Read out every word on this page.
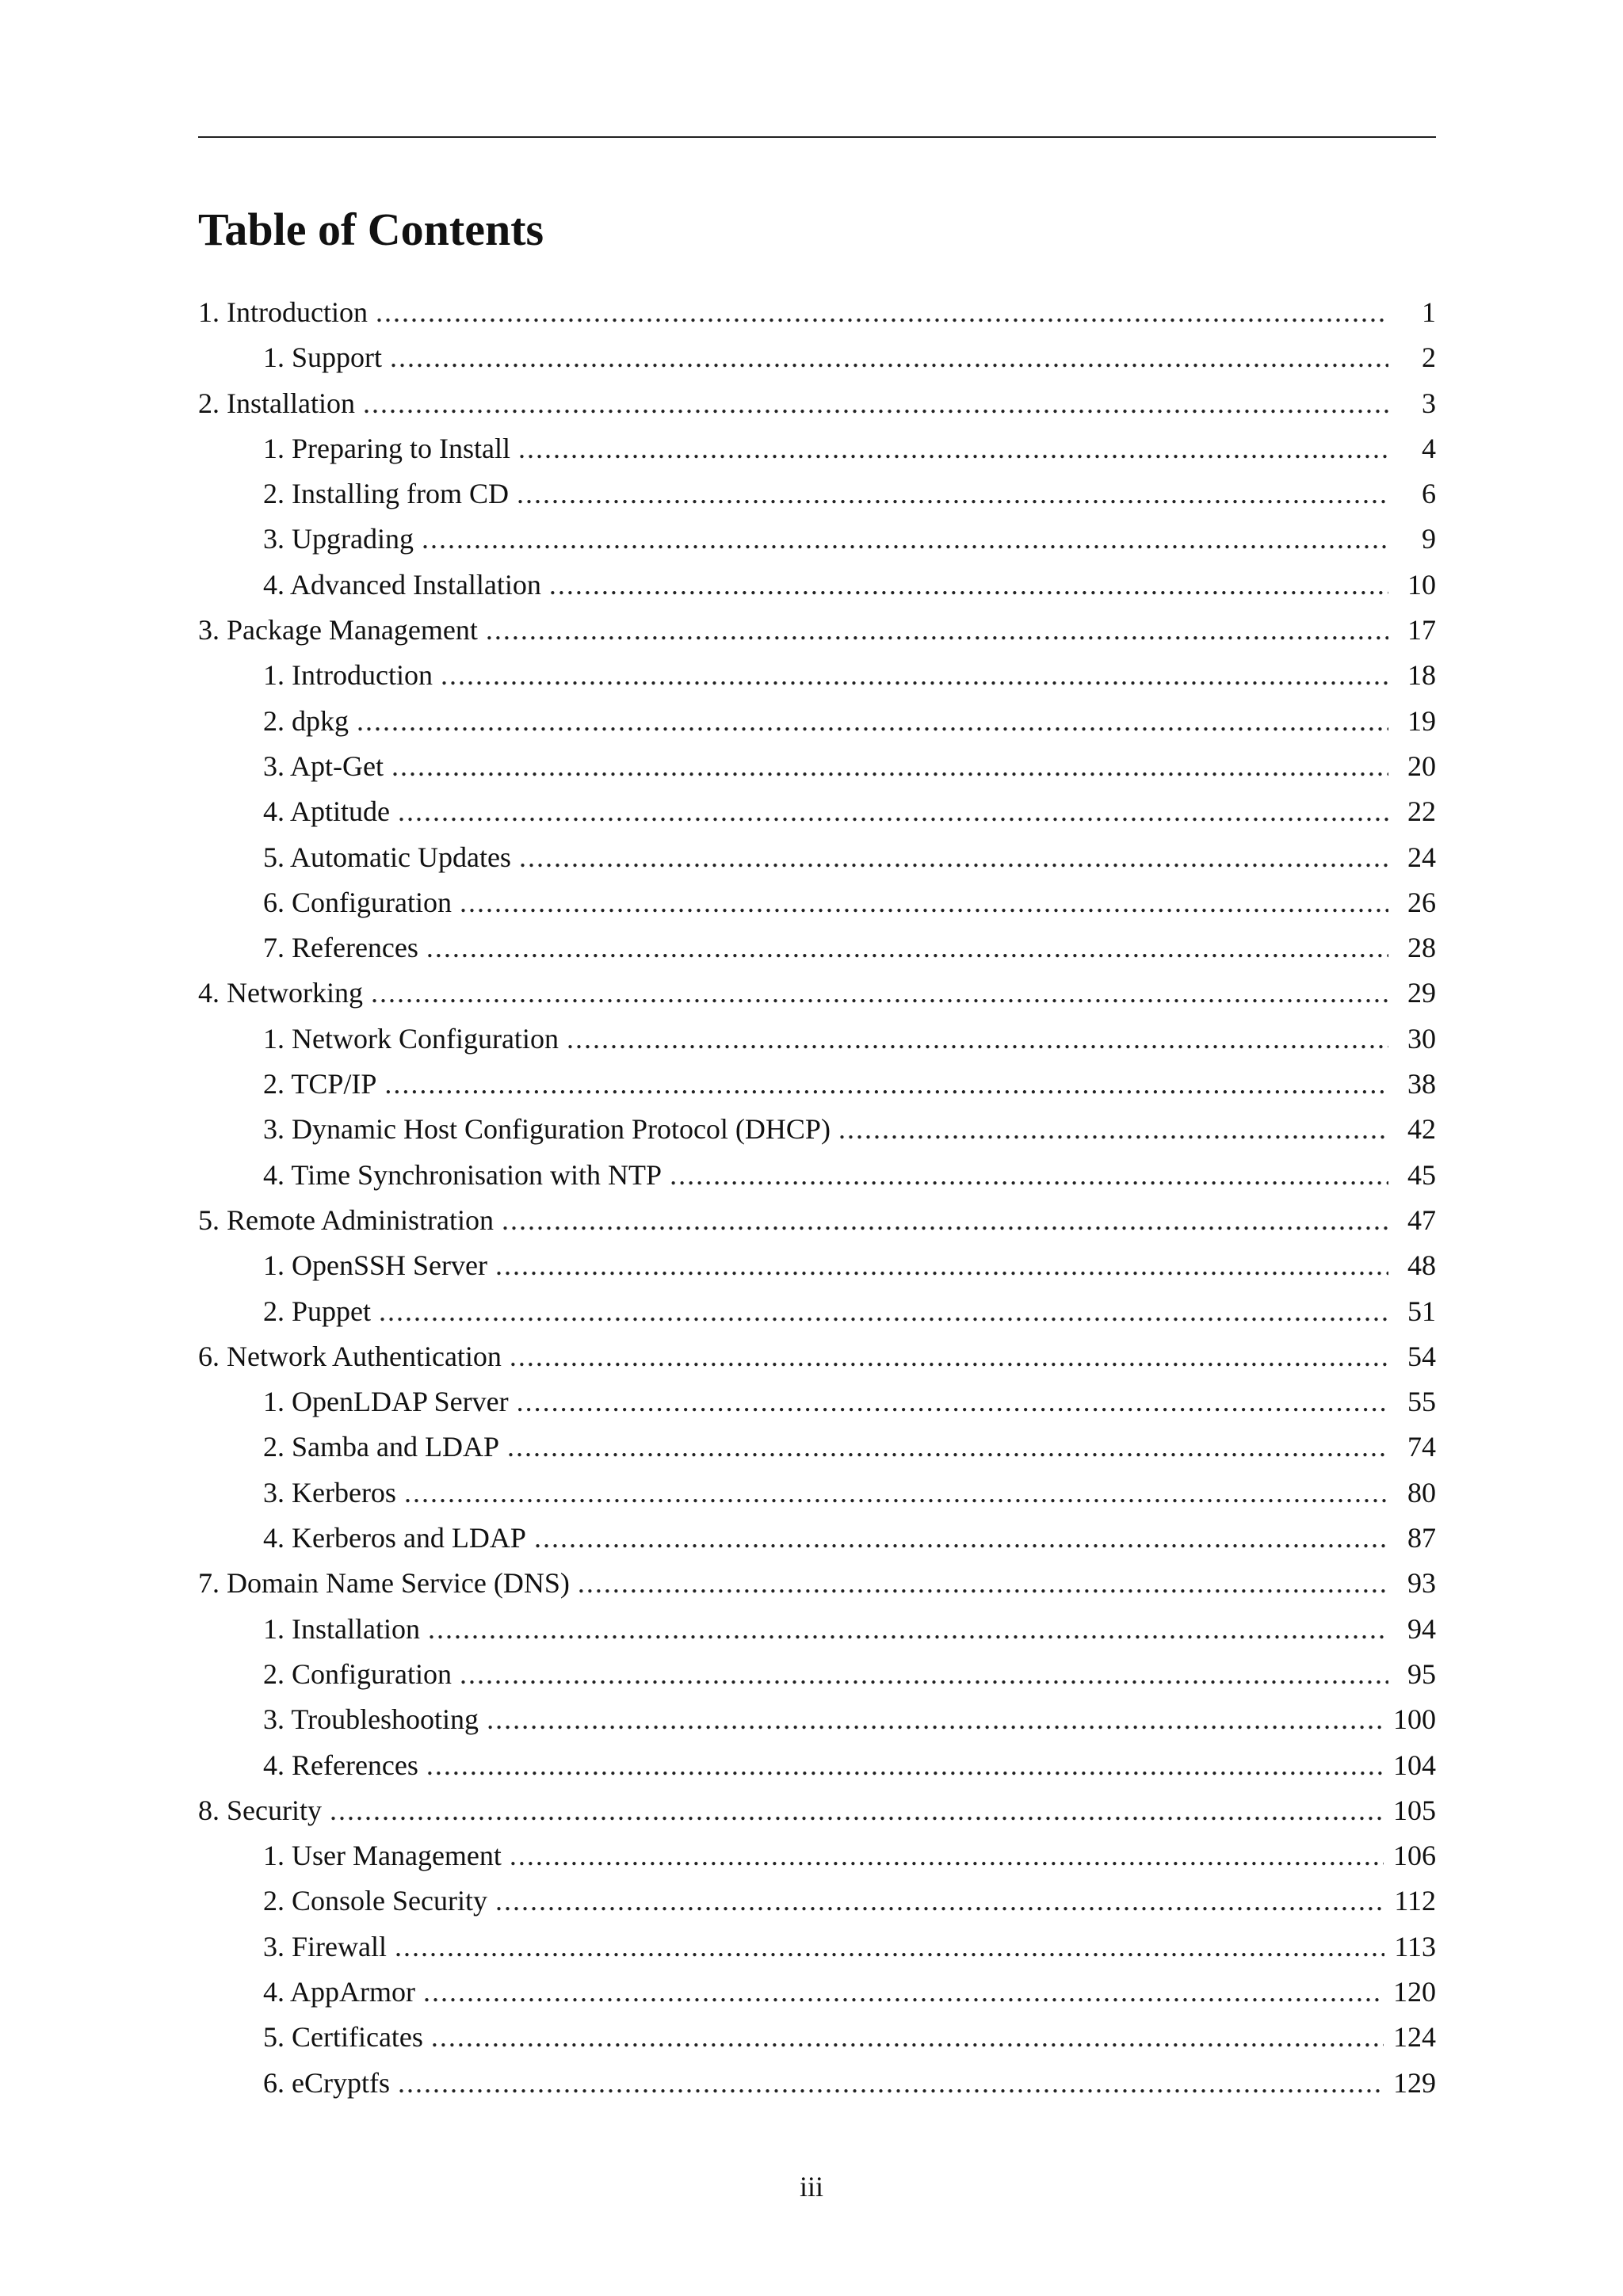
Table of Contents
1. Introduction .....	1
1. Support .....	2
2. Installation .....	3
1. Preparing to Install .....	4
2. Installing from CD .....	6
3. Upgrading .....	9
4. Advanced Installation .....	10
3. Package Management .....	17
1. Introduction .....	18
2. dpkg .....	19
3. Apt-Get .....	20
4. Aptitude .....	22
5. Automatic Updates .....	24
6. Configuration .....	26
7. References .....	28
4. Networking .....	29
1. Network Configuration .....	30
2. TCP/IP .....	38
3. Dynamic Host Configuration Protocol (DHCP) .....	42
4. Time Synchronisation with NTP .....	45
5. Remote Administration .....	47
1. OpenSSH Server .....	48
2. Puppet .....	51
6. Network Authentication .....	54
1. OpenLDAP Server .....	55
2. Samba and LDAP .....	74
3. Kerberos .....	80
4. Kerberos and LDAP .....	87
7. Domain Name Service (DNS) .....	93
1. Installation .....	94
2. Configuration .....	95
3. Troubleshooting .....	100
4. References .....	104
8. Security .....	105
1. User Management .....	106
2. Console Security .....	112
3. Firewall .....	113
4. AppArmor .....	120
5. Certificates .....	124
6. eCryptfs .....	129
iii
